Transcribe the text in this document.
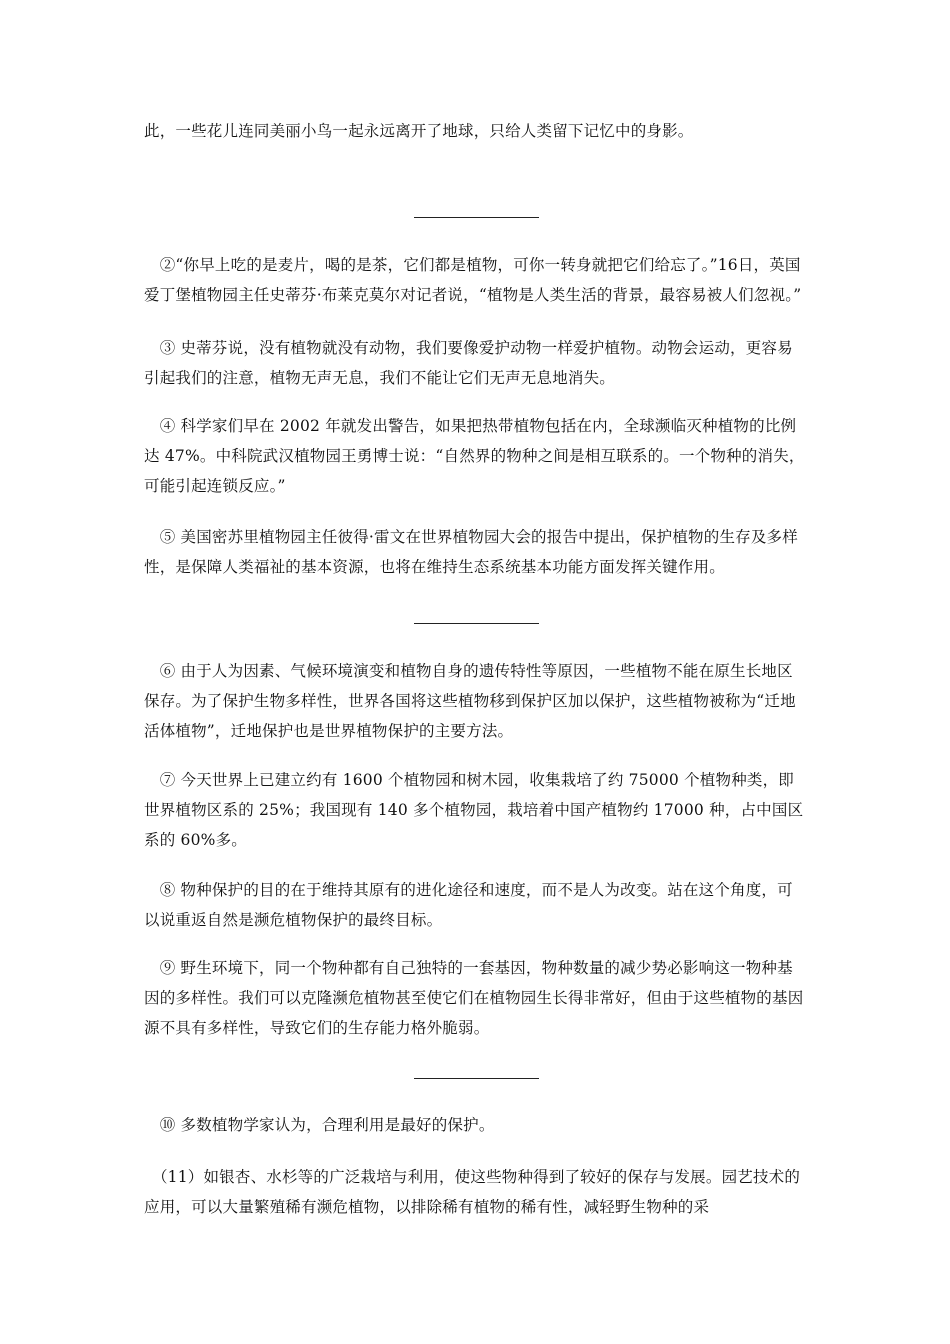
此，一些花儿连同美丽小鸟一起永远离开了地球，只给人类留下记忆中的身影。

　②“你早上吃的是麦片，喝的是茶，它们都是植物，可你一转身就把它们给忘了。”16日，英国爱丁堡植物园主任史蒂芬·布莱克莫尔对记者说，“植物是人类生活的背景，最容易被人们忽视。”

　③ 史蒂芬说，没有植物就没有动物，我们要像爱护动物一样爱护植物。动物会运动，更容易引起我们的注意，植物无声无息，我们不能让它们无声无息地消失。

　④ 科学家们早在 2002 年就发出警告，如果把热带植物包括在内，全球濒临灭种植物的比例达 47%。中科院武汉植物园王勇博士说：“自然界的物种之间是相互联系的。一个物种的消失，可能引起连锁反应。”

　⑤ 美国密苏里植物园主任彼得·雷文在世界植物园大会的报告中提出，保护植物的生存及多样性，是保障人类福祉的基本资源，也将在维持生态系统基本功能方面发挥关键作用。

　⑥ 由于人为因素、气候环境演变和植物自身的遗传特性等原因，一些植物不能在原生长地区保存。为了保护生物多样性，世界各国将这些植物移到保护区加以保护，这些植物被称为“迁地活体植物”，迁地保护也是世界植物保护的主要方法。

　⑦ 今天世界上已建立约有 1600 个植物园和树木园，收集栽培了约 75000 个植物种类，即世界植物区系的 25%；我国现有 140 多个植物园，栽培着中国产植物约 17000 种，占中国区系的 60%多。

　⑧ 物种保护的目的在于维持其原有的进化途径和速度，而不是人为改变。站在这个角度，可以说重返自然是濒危植物保护的最终目标。

　⑨ 野生环境下，同一个物种都有自己独特的一套基因，物种数量的减少势必影响这一物种基因的多样性。我们可以克隆濒危植物甚至使它们在植物园生长得非常好，但由于这些植物的基因源不具有多样性，导致它们的生存能力格外脆弱。

　⑩ 多数植物学家认为，合理利用是最好的保护。

　（11）如银杏、水杉等的广泛栽培与利用，使这些物种得到了较好的保存与发展。园艺技术的应用，可以大量繁殖稀有濒危植物，以排除稀有植物的稀有性，减轻野生物种的采
